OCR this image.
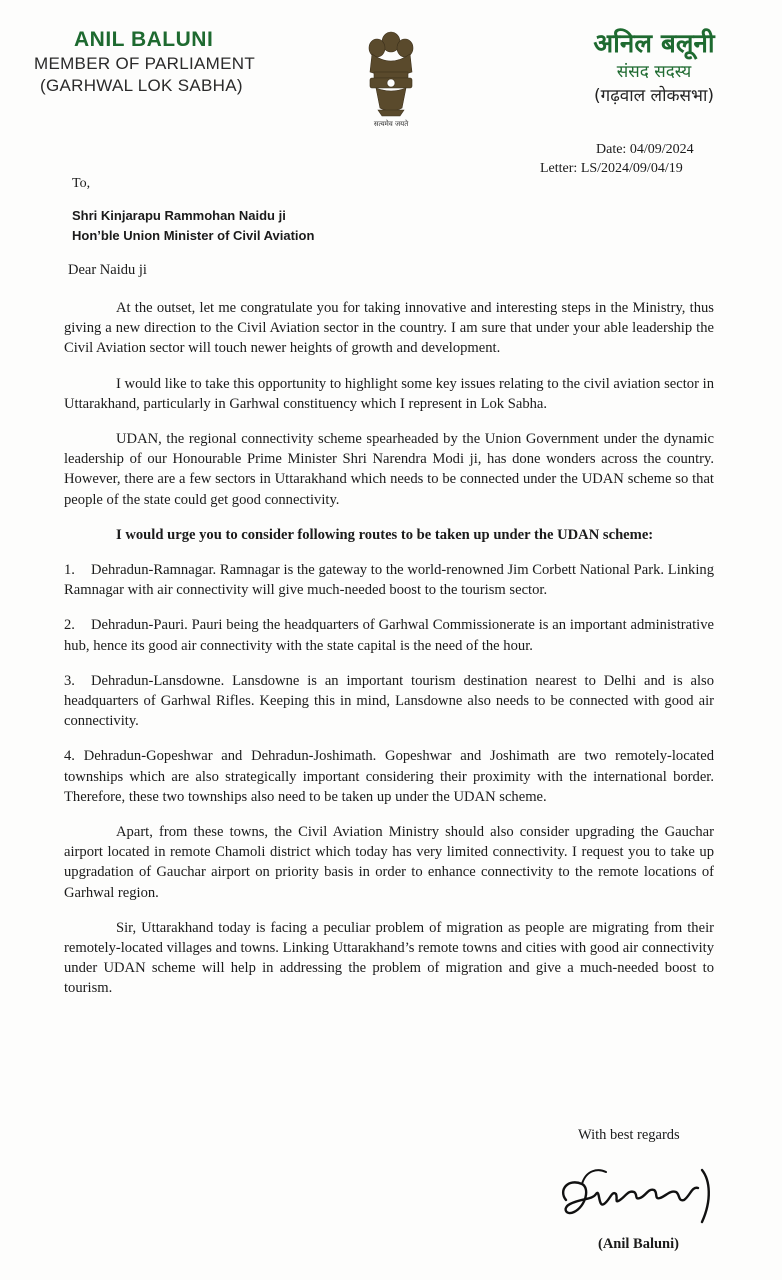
ANIL BALUNI
MEMBER OF PARLIAMENT
(GARHWAL LOK SABHA)
सत्यमेव जयते
अनिल बलूनी
संसद सदस्य
(गढ़वाल लोकसभा)
Date: 04/09/2024
Letter: LS/2024/09/04/19
To,
Shri Kinjarapu Rammohan Naidu ji
Hon’ble Union Minister of Civil Aviation
Dear Naidu ji

At the outset, let me congratulate you for taking innovative and interesting steps in the Ministry, thus giving a new direction to the Civil Aviation sector in the country. I am sure that under your able leadership the Civil Aviation sector will touch newer heights of growth and development.

I would like to take this opportunity to highlight some key issues relating to the civil aviation sector in Uttarakhand, particularly in Garhwal constituency which I represent in Lok Sabha.

UDAN, the regional connectivity scheme spearheaded by the Union Government under the dynamic leadership of our Honourable Prime Minister Shri Narendra Modi ji, has done wonders across the country. However, there are a few sectors in Uttarakhand which needs to be connected under the UDAN scheme so that people of the state could get good connectivity.

I would urge you to consider following routes to be taken up under the UDAN scheme:

1. Dehradun-Ramnagar. Ramnagar is the gateway to the world-renowned Jim Corbett National Park. Linking Ramnagar with air connectivity will give much-needed boost to the tourism sector.

2. Dehradun-Pauri. Pauri being the headquarters of Garhwal Commissionerate is an important administrative hub, hence its good air connectivity with the state capital is the need of the hour.

3. Dehradun-Lansdowne. Lansdowne is an important tourism destination nearest to Delhi and is also headquarters of Garhwal Rifles. Keeping this in mind, Lansdowne also needs to be connected with good air connectivity.

4. Dehradun-Gopeshwar and Dehradun-Joshimath. Gopeshwar and Joshimath are two remotely-located townships which are also strategically important considering their proximity with the international border. Therefore, these two townships also need to be taken up under the UDAN scheme.

Apart, from these towns, the Civil Aviation Ministry should also consider upgrading the Gauchar airport located in remote Chamoli district which today has very limited connectivity. I request you to take up upgradation of Gauchar airport on priority basis in order to enhance connectivity to the remote locations of Garhwal region.

Sir, Uttarakhand today is facing a peculiar problem of migration as people are migrating from their remotely-located villages and towns. Linking Uttarakhand’s remote towns and cities with good air connectivity under UDAN scheme will help in addressing the problem of migration and give a much-needed boost to tourism.

With best regards
(Anil Baluni)
